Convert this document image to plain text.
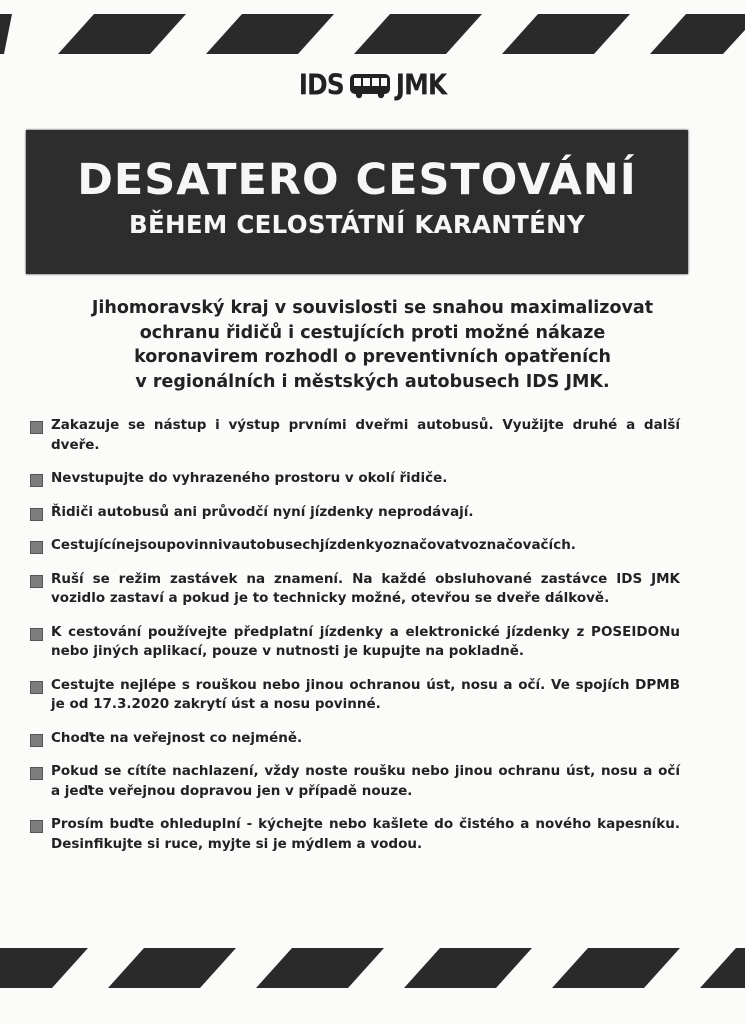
IDS JMK
DESATERO CESTOVÁNÍ
BĚHEM CELOSTÁTNÍ KARANTÉNY
Jihomoravský kraj v souvislosti se snahou maximalizovat
ochranu řidičů i cestujících proti možné nákaze
koronavirem rozhodl o preventivních opatřeních
v regionálních i městských autobusech IDS JMK.
Zakazuje se nástup i výstup prvními dveřmi autobusů. Využijte druhé a další dveře.
Nevstupujte do vyhrazeného prostoru v okolí řidiče.
Řidiči autobusů ani průvodčí nyní jízdenky neprodávají.
Cestujícínejsoupovinnivautobusechjízdenkyoznačovatvoznačovačích.
Ruší se režim zastávek na znamení. Na každé obsluhované zastávce IDS JMK vozidlo zastaví a pokud je to technicky možné, otevřou se dveře dálkově.
K cestování používejte předplatní jízdenky a elektronické jízdenky z POSEIDONu nebo jiných aplikací, pouze v nutnosti je kupujte na pokladně.
Cestujte nejlépe s rouškou nebo jinou ochranou úst, nosu a očí. Ve spojích DPMB je od 17.3.2020 zakrytí úst a nosu povinné.
Choďte na veřejnost co nejméně.
Pokud se cítíte nachlazení, vždy noste roušku nebo jinou ochranu úst, nosu a očí a jeďte veřejnou dopravou jen v případě nouze.
Prosím buďte ohleduplní - kýchejte nebo kašlete do čistého a nového kapesníku. Desinfikujte si ruce, myjte si je mýdlem a vodou.
